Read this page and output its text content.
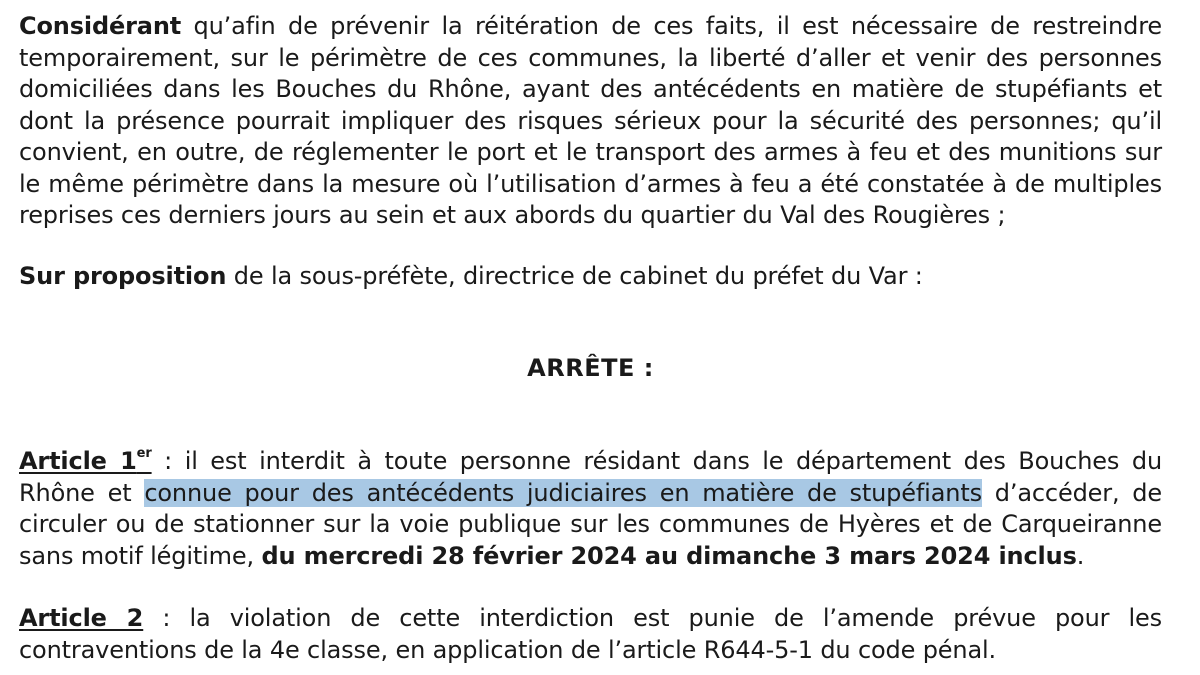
Considérant qu’afin de prévenir la réitération de ces faits, il est nécessaire de restreindre temporairement, sur le périmètre de ces communes, la liberté d’aller et venir des personnes domiciliées dans les Bouches du Rhône, ayant des antécédents en matière de stupéfiants et dont la présence pourrait impliquer des risques sérieux pour la sécurité des personnes; qu’il convient, en outre, de réglementer le port et le transport des armes à feu et des munitions sur le même périmètre dans la mesure où l’utilisation d’armes à feu a été constatée à de multiples reprises ces derniers jours au sein et aux abords du quartier du Val des Rougières ;

Sur proposition de la sous-préfète, directrice de cabinet du préfet du Var :

ARRÊTE :

Article 1er : il est interdit à toute personne résidant dans le département des Bouches du Rhône et connue pour des antécédents judiciaires en matière de stupéfiants d’accéder, de circuler ou de stationner sur la voie publique sur les communes de Hyères et de Carqueiranne sans motif légitime, du mercredi 28 février 2024 au dimanche 3 mars 2024 inclus.

Article 2 : la violation de cette interdiction est punie de l’amende prévue pour les contraventions de la 4e classe, en application de l’article R644-5-1 du code pénal.
